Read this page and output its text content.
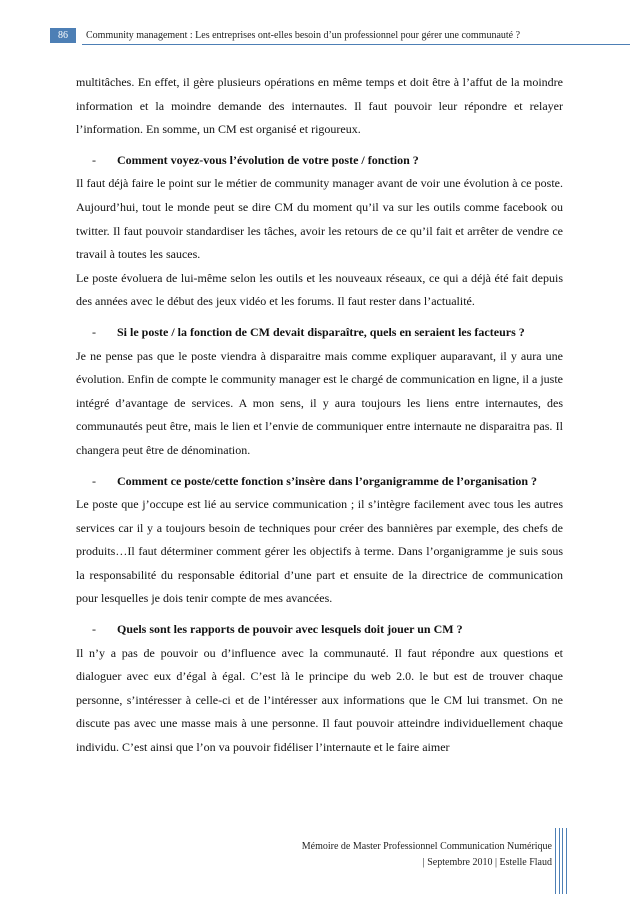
86	Community management : Les entreprises ont-elles besoin d’un professionnel pour gérer une communauté ?

multitâches. En effet, il gère plusieurs opérations en même temps et doit être à l’affut de la moindre information et la moindre demande des internautes. Il faut pouvoir leur répondre et relayer l’information. En somme, un CM est organisé et rigoureux.

-	Comment voyez-vous l’évolution de votre poste / fonction ?

Il faut déjà faire le point sur le métier de community manager avant de voir une évolution à ce poste. Aujourd’hui, tout le monde peut se dire CM du moment qu’il va sur les outils comme facebook ou twitter. Il faut pouvoir standardiser les tâches, avoir les retours de ce qu’il fait et arrêter de vendre ce travail à toutes les sauces.

Le poste évoluera de lui-même selon les outils et les nouveaux réseaux, ce qui a déjà été fait depuis des années avec le début des jeux vidéo et les forums. Il faut rester dans l’actualité.

-	Si le poste / la fonction de CM devait disparaître, quels en seraient les facteurs ?

Je ne pense pas que le poste viendra à disparaitre mais comme expliquer auparavant, il y aura une évolution. Enfin de compte le community manager est le chargé de communication en ligne, il a juste intégré d’avantage de services. A mon sens, il y aura toujours les liens entre internautes, des communautés peut être, mais le lien et l’envie de communiquer entre internaute ne disparaitra pas. Il changera peut être de dénomination.

-	Comment ce poste/cette fonction s’insère dans l’organigramme de l’organisation ?

Le poste que j’occupe est lié au service communication ; il s’intègre facilement avec tous les autres services car il y a toujours besoin de techniques pour créer des bannières par exemple, des chefs de produits…Il faut déterminer comment gérer les objectifs à terme. Dans l’organigramme je suis sous la responsabilité du responsable éditorial d’une part et ensuite de la directrice de communication pour lesquelles je dois tenir compte de mes avancées.

-	Quels sont les rapports de pouvoir avec lesquels doit jouer un CM ?

Il n’y a pas de pouvoir ou d’influence avec la communauté. Il faut répondre aux questions et dialoguer avec eux d’égal à égal. C’est là le principe du web 2.0. le but est de trouver chaque personne, s’intéresser à celle-ci et de l’intéresser aux informations que le CM lui transmet. On ne discute pas avec une masse mais à une personne. Il faut pouvoir atteindre individuellement chaque individu. C’est ainsi que l’on va pouvoir fidéliser l’internaute et le faire aimer

Mémoire de Master Professionnel Communication Numérique
| Septembre 2010 | Estelle Flaud
